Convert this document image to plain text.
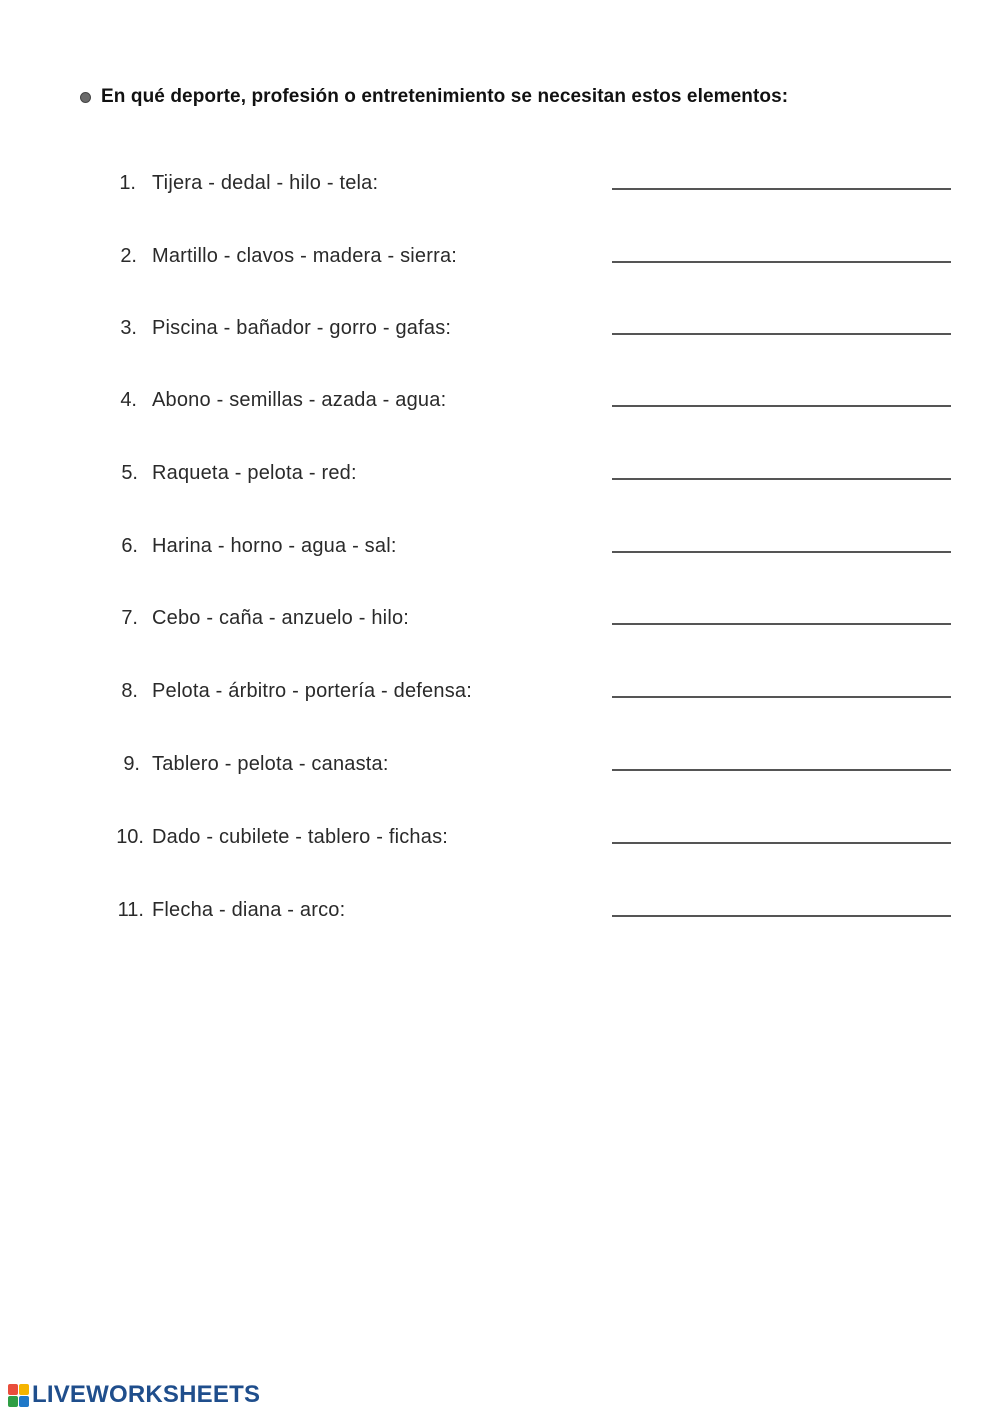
En qué deporte, profesión o entretenimiento se necesitan estos elementos:
1. Tijera - dedal - hilo - tela:
2. Martillo - clavos - madera - sierra:
3. Piscina - bañador - gorro - gafas:
4. Abono - semillas - azada - agua:
5. Raqueta - pelota - red:
6. Harina - horno - agua - sal:
7. Cebo - caña - anzuelo - hilo:
8. Pelota - árbitro - portería - defensa:
9. Tablero - pelota - canasta:
10. Dado - cubilete - tablero - fichas:
11. Flecha - diana - arco:
LIVEWORKSHEETS
